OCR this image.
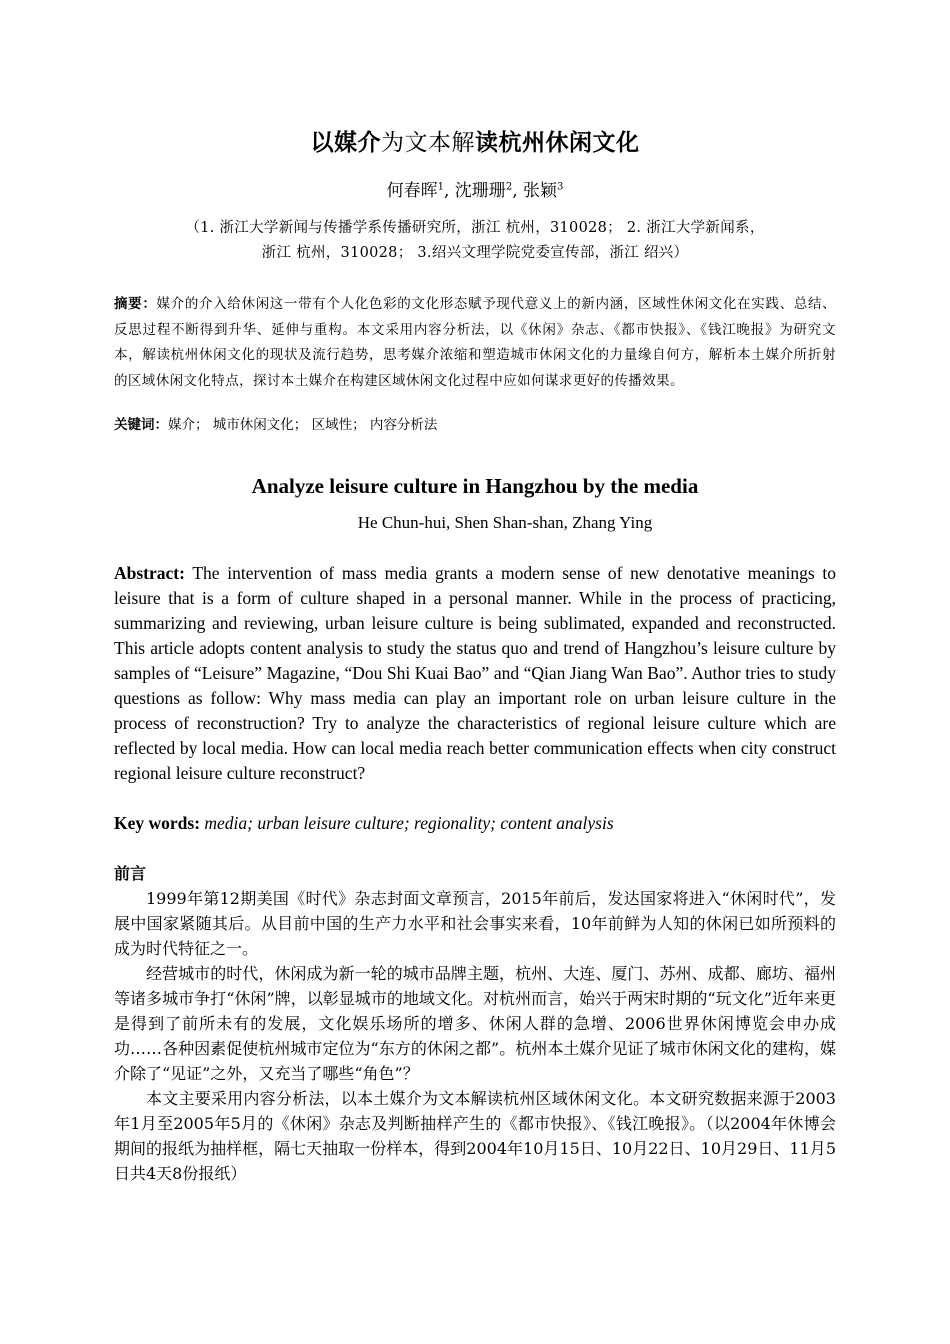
以媒介为文本解读杭州休闲文化
何春晖$^1$, 沈珊珊$^2$, 张颖$^3$
（1. 浙江大学新闻与传播学系传播研究所，浙江 杭州，310028； 2. 浙江大学新闻系，
浙江 杭州，310028； 3.绍兴文理学院党委宣传部，浙江 绍兴）
摘要：媒介的介入给休闲这一带有个人化色彩的文化形态赋予现代意义上的新内涵，区域性休闲文化在实践、总结、反思过程不断得到升华、延伸与重构。本文采用内容分析法，以《休闲》杂志、《都市快报》、《钱江晚报》为研究文本，解读杭州休闲文化的现状及流行趋势，思考媒介浓缩和塑造城市休闲文化的力量缘自何方，解析本土媒介所折射的区域休闲文化特点，探讨本土媒介在构建区域休闲文化过程中应如何谋求更好的传播效果。
关键词：媒介； 城市休闲文化； 区域性； 内容分析法
Analyze leisure culture in Hangzhou by the media
He Chun-hui, Shen Shan-shan, Zhang Ying
Abstract: The intervention of mass media grants a modern sense of new denotative meanings to leisure that is a form of culture shaped in a personal manner. While in the process of practicing, summarizing and reviewing, urban leisure culture is being sublimated, expanded and reconstructed. This article adopts content analysis to study the status quo and trend of Hangzhou’s leisure culture by samples of “Leisure” Magazine, “Dou Shi Kuai Bao” and “Qian Jiang Wan Bao”. Author tries to study questions as follow: Why mass media can play an important role on urban leisure culture in the process of reconstruction? Try to analyze the characteristics of regional leisure culture which are reflected by local media. How can local media reach better communication effects when city construct regional leisure culture reconstruct?
Key words: media; urban leisure culture; regionality; content analysis
前言

1999年第12期美国《时代》杂志封面文章预言，2015年前后，发达国家将进入“休闲时代”，发展中国家紧随其后。从目前中国的生产力水平和社会事实来看，10年前鲜为人知的休闲已如所预料的成为时代特征之一。

经营城市的时代，休闲成为新一轮的城市品牌主题，杭州、大连、厦门、苏州、成都、廊坊、福州等诸多城市争打“休闲”牌，以彰显城市的地域文化。对杭州而言，始兴于两宋时期的“玩文化”近年来更是得到了前所未有的发展，文化娱乐场所的增多、休闲人群的急增、2006世界休闲博览会申办成功……各种因素促使杭州城市定位为“东方的休闲之都”。杭州本土媒介见证了城市休闲文化的建构，媒介除了“见证”之外，又充当了哪些“角色”？

本文主要采用内容分析法，以本土媒介为文本解读杭州区域休闲文化。本文研究数据来源于2003年1月至2005年5月的《休闲》杂志及判断抽样产生的《都市快报》、《钱江晚报》。（以2004年休博会期间的报纸为抽样框，隔七天抽取一份样本，得到2004年10月15日、10月22日、10月29日、11月5日共4天8份报纸）
